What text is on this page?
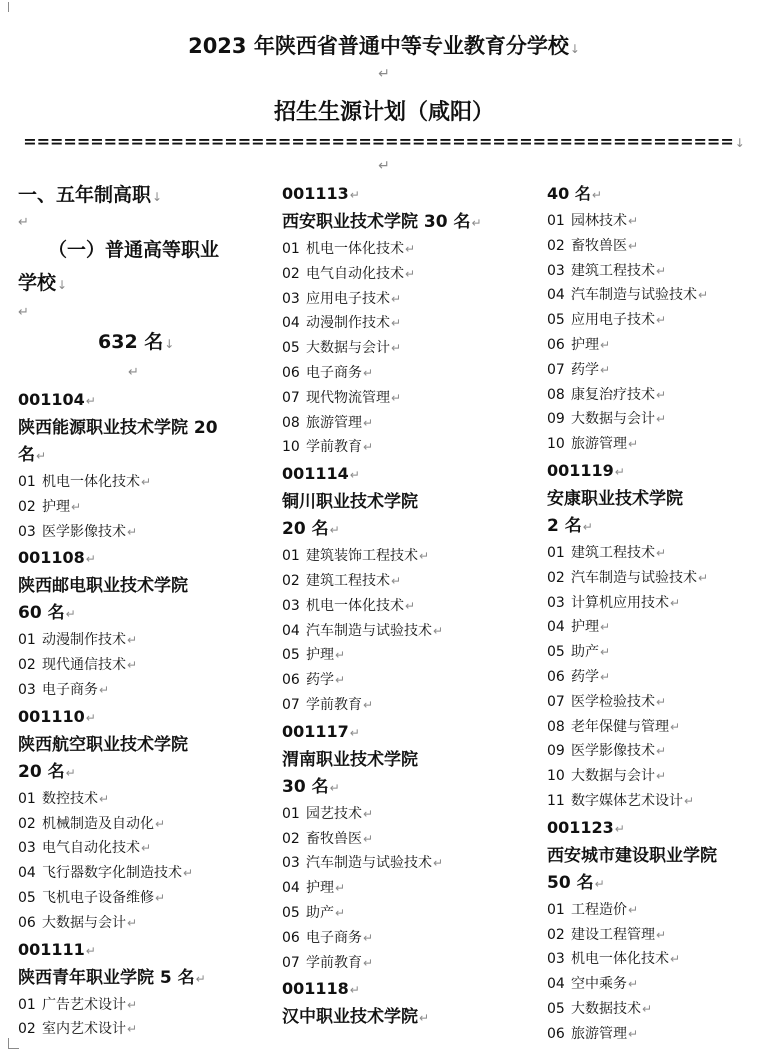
2023 年陕西省普通中等专业教育分学校↓
↵
招生生源计划（咸阳）
=====================================================↓
↵
一、五年制高职↓
↵
（一）普通高等职业
学校↓
↵
632 名↓
↵
001104↵
陕西能源职业技术学院 20
名↵
01 机电一体化技术↵
02 护理↵
03 医学影像技术↵
001108↵
陕西邮电职业技术学院
60 名↵
01 动漫制作技术↵
02 现代通信技术↵
03 电子商务↵
001110↵
陕西航空职业技术学院
20 名↵
01 数控技术↵
02 机械制造及自动化↵
03 电气自动化技术↵
04 飞行器数字化制造技术↵
05 飞机电子设备维修↵
06 大数据与会计↵
001111↵
陕西青年职业学院 5 名↵
01 广告艺术设计↵
02 室内艺术设计↵
001113↵
西安职业技术学院 30 名↵
01 机电一体化技术↵
02 电气自动化技术↵
03 应用电子技术↵
04 动漫制作技术↵
05 大数据与会计↵
06 电子商务↵
07 现代物流管理↵
08 旅游管理↵
10 学前教育↵
001114↵
铜川职业技术学院
20 名↵
01 建筑装饰工程技术↵
02 建筑工程技术↵
03 机电一体化技术↵
04 汽车制造与试验技术↵
05 护理↵
06 药学↵
07 学前教育↵
001117↵
渭南职业技术学院
30 名↵
01 园艺技术↵
02 畜牧兽医↵
03 汽车制造与试验技术↵
04 护理↵
05 助产↵
06 电子商务↵
07 学前教育↵
001118↵
汉中职业技术学院↵
40 名↵
01 园林技术↵
02 畜牧兽医↵
03 建筑工程技术↵
04 汽车制造与试验技术↵
05 应用电子技术↵
06 护理↵
07 药学↵
08 康复治疗技术↵
09 大数据与会计↵
10 旅游管理↵
001119↵
安康职业技术学院
2 名↵
01 建筑工程技术↵
02 汽车制造与试验技术↵
03 计算机应用技术↵
04 护理↵
05 助产↵
06 药学↵
07 医学检验技术↵
08 老年保健与管理↵
09 医学影像技术↵
10 大数据与会计↵
11 数字媒体艺术设计↵
001123↵
西安城市建设职业学院
50 名↵
01 工程造价↵
02 建设工程管理↵
03 机电一体化技术↵
04 空中乘务↵
05 大数据技术↵
06 旅游管理↵
